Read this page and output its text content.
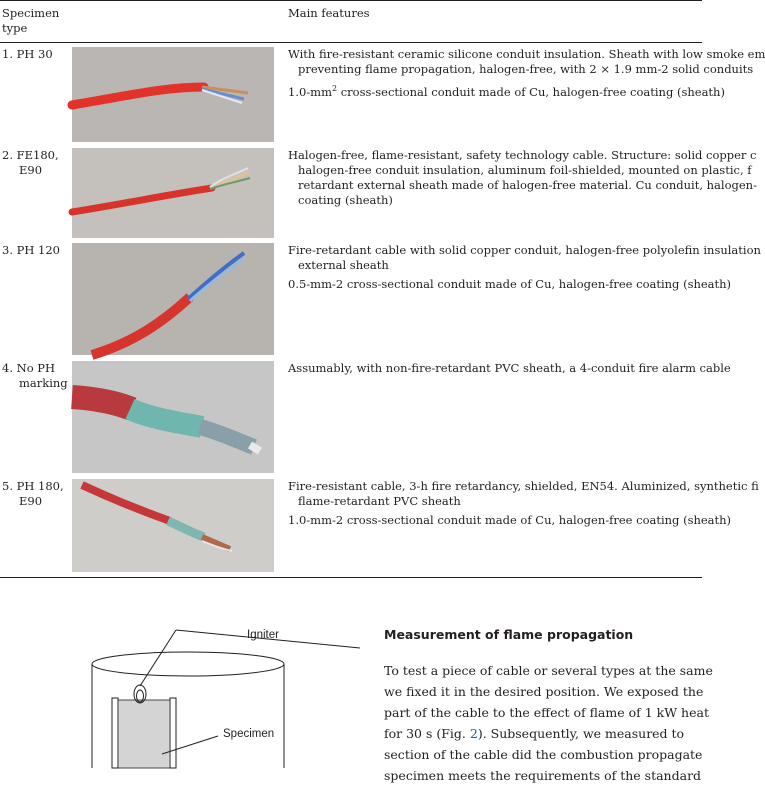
Specimen
type
Main features
1. PH 30	With fire-resistant ceramic silicone conduit insulation. Sheath with low smoke em
preventing flame propagation, halogen-free, with 2 × 1.9 mm-2 solid conduits

$1.0-mm^2$ cross-sectional conduit made of Cu, halogen-free coating (sheath)

2. FE180,
E90

Halogen-free, flame-resistant, safety technology cable. Structure: solid copper c
halogen-free conduit insulation, aluminum foil-shielded, mounted on plastic, f
retardant external sheath made of halogen-free material. Cu conduit, halogen-
coating (sheath)

3. PH 120	Fire-retardant cable with solid copper conduit, halogen-free polyolefin insulation
external sheath

0.5-mm-2 cross-sectional conduit made of Cu, halogen-free coating (sheath)

4. No PH
marking

Assumably, with non-fire-retardant PVC sheath, a 4-conduit fire alarm cable

5. PH 180,
E90

Fire-resistant cable, 3-h fire retardancy, shielded, EN54. Aluminized, synthetic fi
flame-retardant PVC sheath

1.0-mm-2 cross-sectional conduit made of Cu, halogen-free coating (sheath)

Igniter
Specimen
Measurement of flame propagation
To test a piece of cable or several types at the same
we fixed it in the desired position. We exposed the
part of the cable to the effect of flame of 1 kW heat
for 30 s (Fig. 2). Subsequently, we measured to
section of the cable did the combustion propagate
specimen meets the requirements of the standard
